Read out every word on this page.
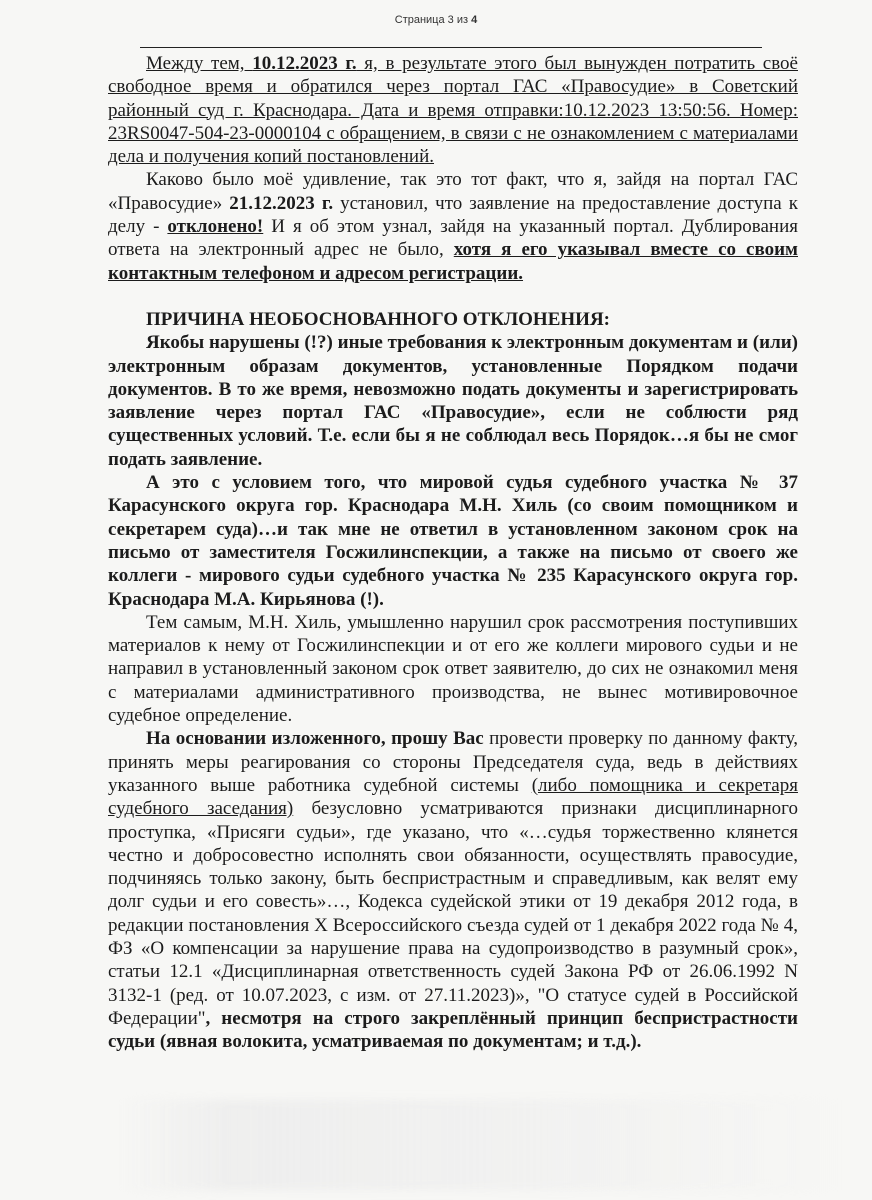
Страница 3 из 4

Между тем, 10.12.2023 г. я, в результате этого был вынужден потратить своё свободное время и обратился через портал ГАС «Правосудие» в Советский районный суд г. Краснодара. Дата и время отправки:10.12.2023 13:50:56. Номер: 23RS0047-504-23-0000104 с обращением, в связи с не ознакомлением с материалами дела и получения копий постановлений.

Каково было моё удивление, так это тот факт, что я, зайдя на портал ГАС «Правосудие» 21.12.2023 г. установил, что заявление на предоставление доступа к делу - отклонено! И я об этом узнал, зайдя на указанный портал. Дублирования ответа на электронный адрес не было, хотя я его указывал вместе со своим контактным телефоном и адресом регистрации.

ПРИЧИНА НЕОБОСНОВАННОГО ОТКЛОНЕНИЯ:

Якобы нарушены (!?) иные требования к электронным документам и (или) электронным образам документов, установленные Порядком подачи документов. В то же время, невозможно подать документы и зарегистрировать заявление через портал ГАС «Правосудие», если не соблюсти ряд существенных условий. Т.е. если бы я не соблюдал весь Порядок…я бы не смог подать заявление.

А это с условием того, что мировой судья судебного участка № 37 Карасунского округа гор. Краснодара М.Н. Хиль (со своим помощником и секретарем суда)…и так мне не ответил в установленном законом срок на письмо от заместителя Госжилинспекции, а также на письмо от своего же коллеги - мирового судьи судебного участка № 235 Карасунского округа гор. Краснодара М.А. Кирьянова (!).

Тем самым, М.Н. Хиль, умышленно нарушил срок рассмотрения поступивших материалов к нему от Госжилинспекции и от его же коллеги мирового судьи и не направил в установленный законом срок ответ заявителю, до сих не ознакомил меня с материалами административного производства, не вынес мотивировочное судебное определение.

На основании изложенного, прошу Вас провести проверку по данному факту, принять меры реагирования со стороны Председателя суда, ведь в действиях указанного выше работника судебной системы (либо помощника и секретаря судебного заседания) безусловно усматриваются признаки дисциплинарного проступка, «Присяги судьи», где указано, что «…судья торжественно клянется честно и добросовестно исполнять свои обязанности, осуществлять правосудие, подчиняясь только закону, быть беспристрастным и справедливым, как велят ему долг судьи и его совесть»…, Кодекса судейской этики от 19 декабря 2012 года, в редакции постановления X Всероссийского съезда судей от 1 декабря 2022 года № 4, ФЗ «О компенсации за нарушение права на судопроизводство в разумный срок», статьи 12.1 «Дисциплинарная ответственность судей Закона РФ от 26.06.1992 N 3132-1 (ред. от 10.07.2023, с изм. от 27.11.2023)», "О статусе судей в Российской Федерации", несмотря на строго закреплённый принцип беспристрастности судьи (явная волокита, усматриваемая по документам; и т.д.).
